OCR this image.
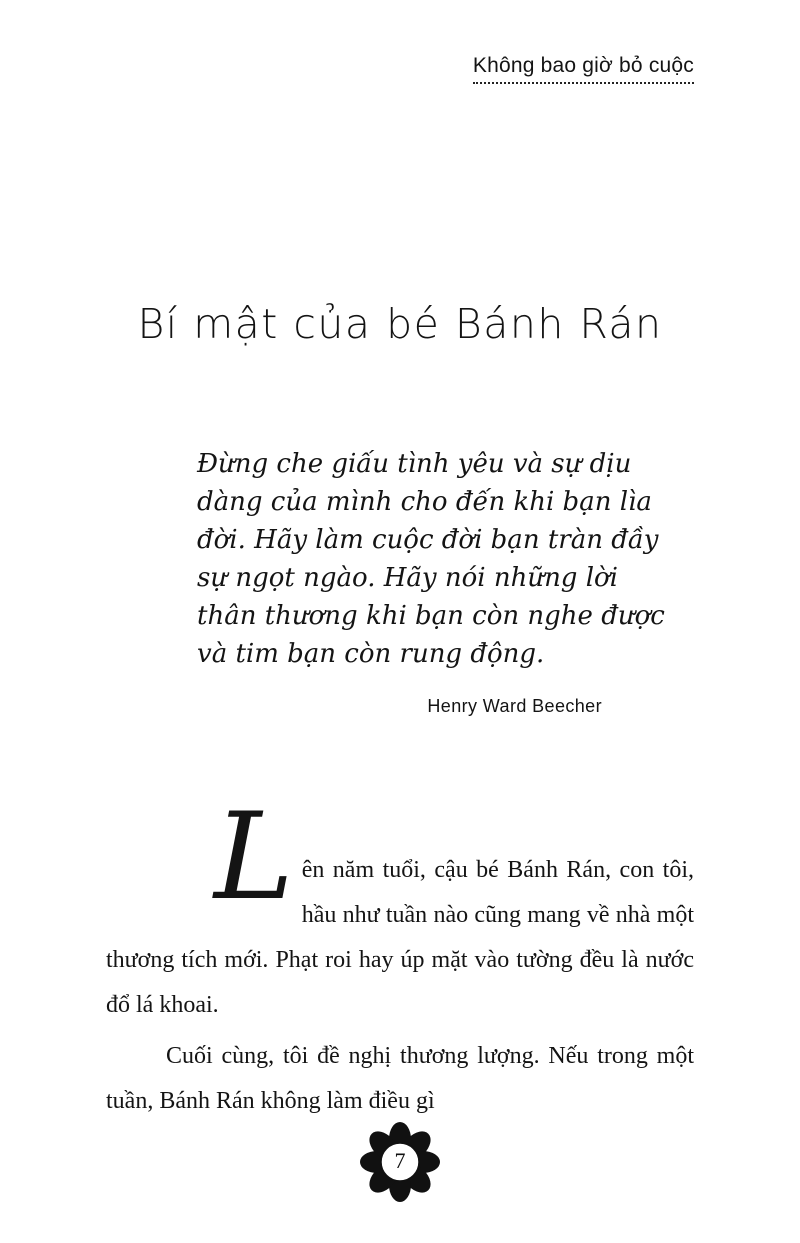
Không bao giờ bỏ cuộc
Bí mật của bé Bánh Rán

Đừng che giấu tình yêu và sự dịu dàng của mình cho đến khi bạn lìa đời. Hãy làm cuộc đời bạn tràn đầy sự ngọt ngào. Hãy nói những lời thân thương khi bạn còn nghe được và tim bạn còn rung động.

Henry Ward Beecher

Lên năm tuổi, cậu bé Bánh Rán, con tôi, hầu như tuần nào cũng mang về nhà một thương tích mới. Phạt roi hay úp mặt vào tường đều là nước đổ lá khoai.

Cuối cùng, tôi đề nghị thương lượng. Nếu trong một tuần, Bánh Rán không làm điều gì

7
